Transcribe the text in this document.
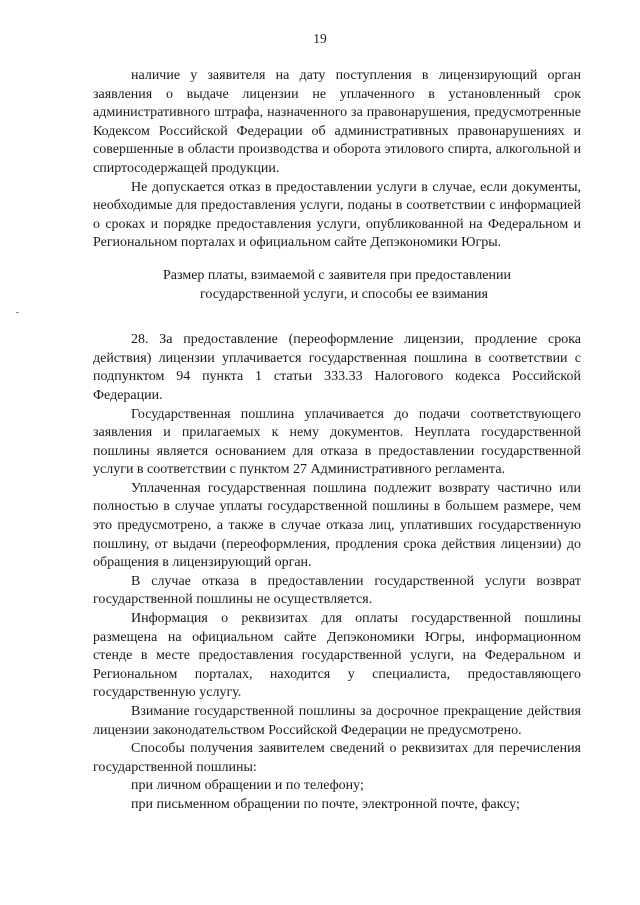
19

наличие у заявителя на дату поступления в лицензирующий орган заявления о выдаче лицензии не уплаченного в установленный срок административного штрафа, назначенного за правонарушения, предусмотренные Кодексом Российской Федерации об административных правонарушениях и совершенные в области производства и оборота этилового спирта, алкогольной и спиртосодержащей продукции.

Не допускается отказ в предоставлении услуги в случае, если документы, необходимые для предоставления услуги, поданы в соответствии с информацией о сроках и порядке предоставления услуги, опубликованной на Федеральном и Региональном порталах и официальном сайте Депэкономики Югры.

Размер платы, взимаемой с заявителя при предоставлении
государственной услуги, и способы ее взимания

28. За предоставление (переоформление лицензии, продление срока действия) лицензии уплачивается государственная пошлина в соответствии с подпунктом 94 пункта 1 статьи 333.33 Налогового кодекса Российской Федерации.

Государственная пошлина уплачивается до подачи соответствующего заявления и прилагаемых к нему документов. Неуплата государственной пошлины является основанием для отказа в предоставлении государственной услуги в соответствии с пунктом 27 Административного регламента.

Уплаченная государственная пошлина подлежит возврату частично или полностью в случае уплаты государственной пошлины в большем размере, чем это предусмотрено, а также в случае отказа лиц, уплативших государственную пошлину, от выдачи (переоформления, продления срока действия лицензии) до обращения в лицензирующий орган.

В случае отказа в предоставлении государственной услуги возврат государственной пошлины не осуществляется.

Информация о реквизитах для оплаты государственной пошлины размещена на официальном сайте Депэкономики Югры, информационном стенде в месте предоставления государственной услуги, на Федеральном и Региональном порталах, находится у специалиста, предоставляющего государственную услугу.

Взимание государственной пошлины за досрочное прекращение действия лицензии законодательством Российской Федерации не предусмотрено.

Способы получения заявителем сведений о реквизитах для перечисления государственной пошлины:

при личном обращении и по телефону;

при письменном обращении по почте, электронной почте, факсу;
